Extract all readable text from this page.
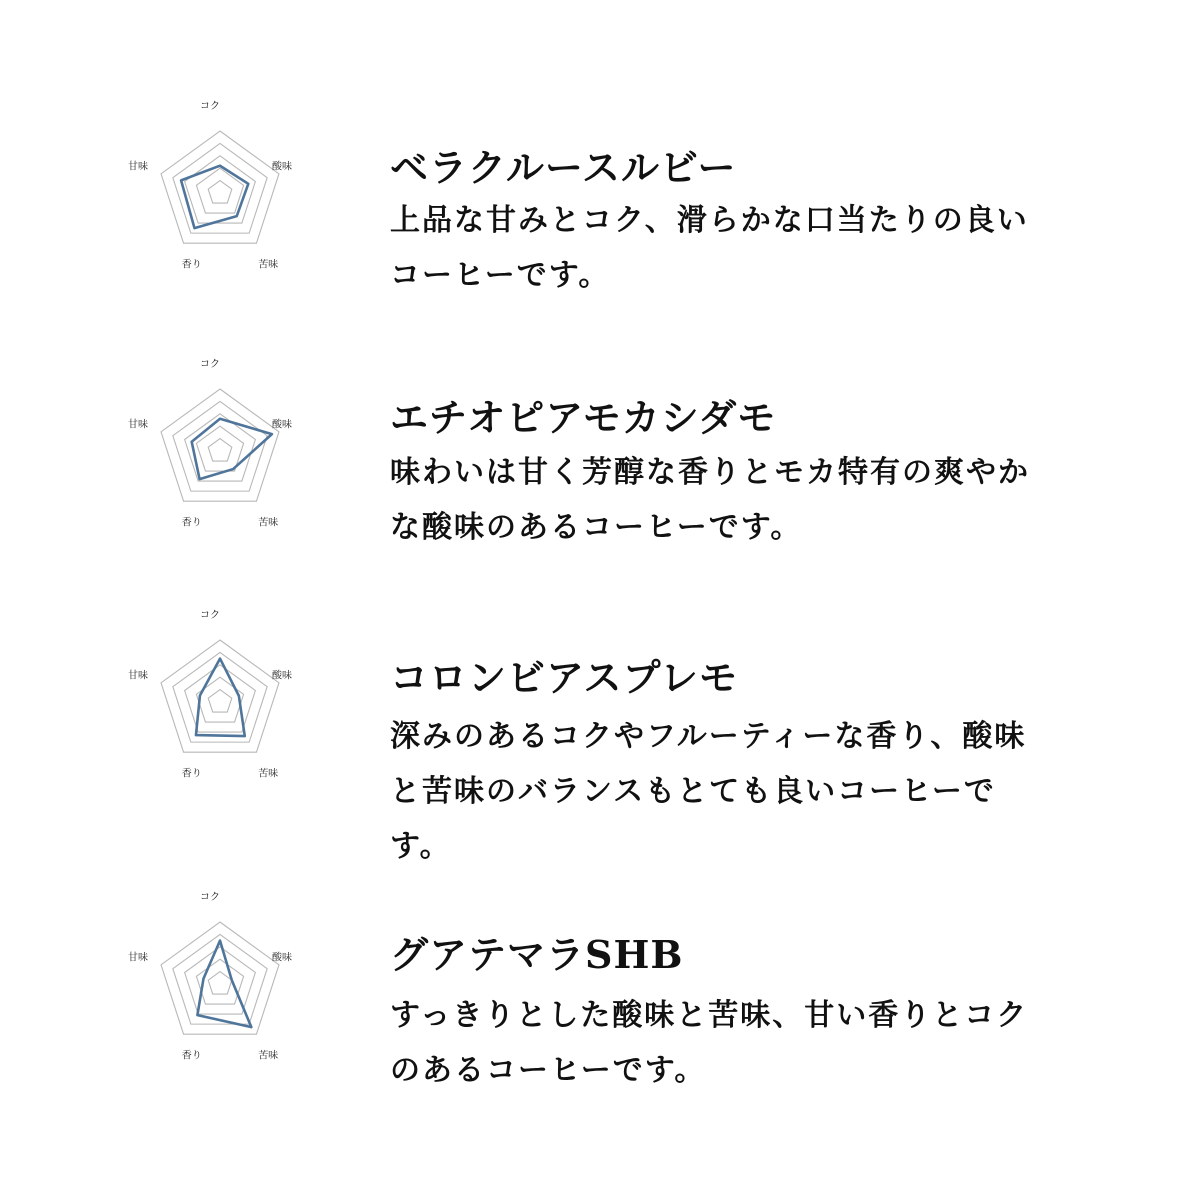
コク
酸味
苦味
香り
甘味	ベラクルースルビー

上品な甘みとコク、滑らかな口当たりの良い
コーヒーです。

コク
酸味
苦味
香り
甘味	エチオピアモカシダモ

味わいは甘く芳醇な香りとモカ特有の爽やか
な酸味のあるコーヒーです。

コク
酸味
苦味
香り
甘味	コロンビアスプレモ

深みのあるコクやフルーティーな香り、酸味
と苦味のバランスもとても良いコーヒーで
す。

コク
酸味
苦味
香り
甘味	グアテマラSHB

すっきりとした酸味と苦味、甘い香りとコク
のあるコーヒーです。
